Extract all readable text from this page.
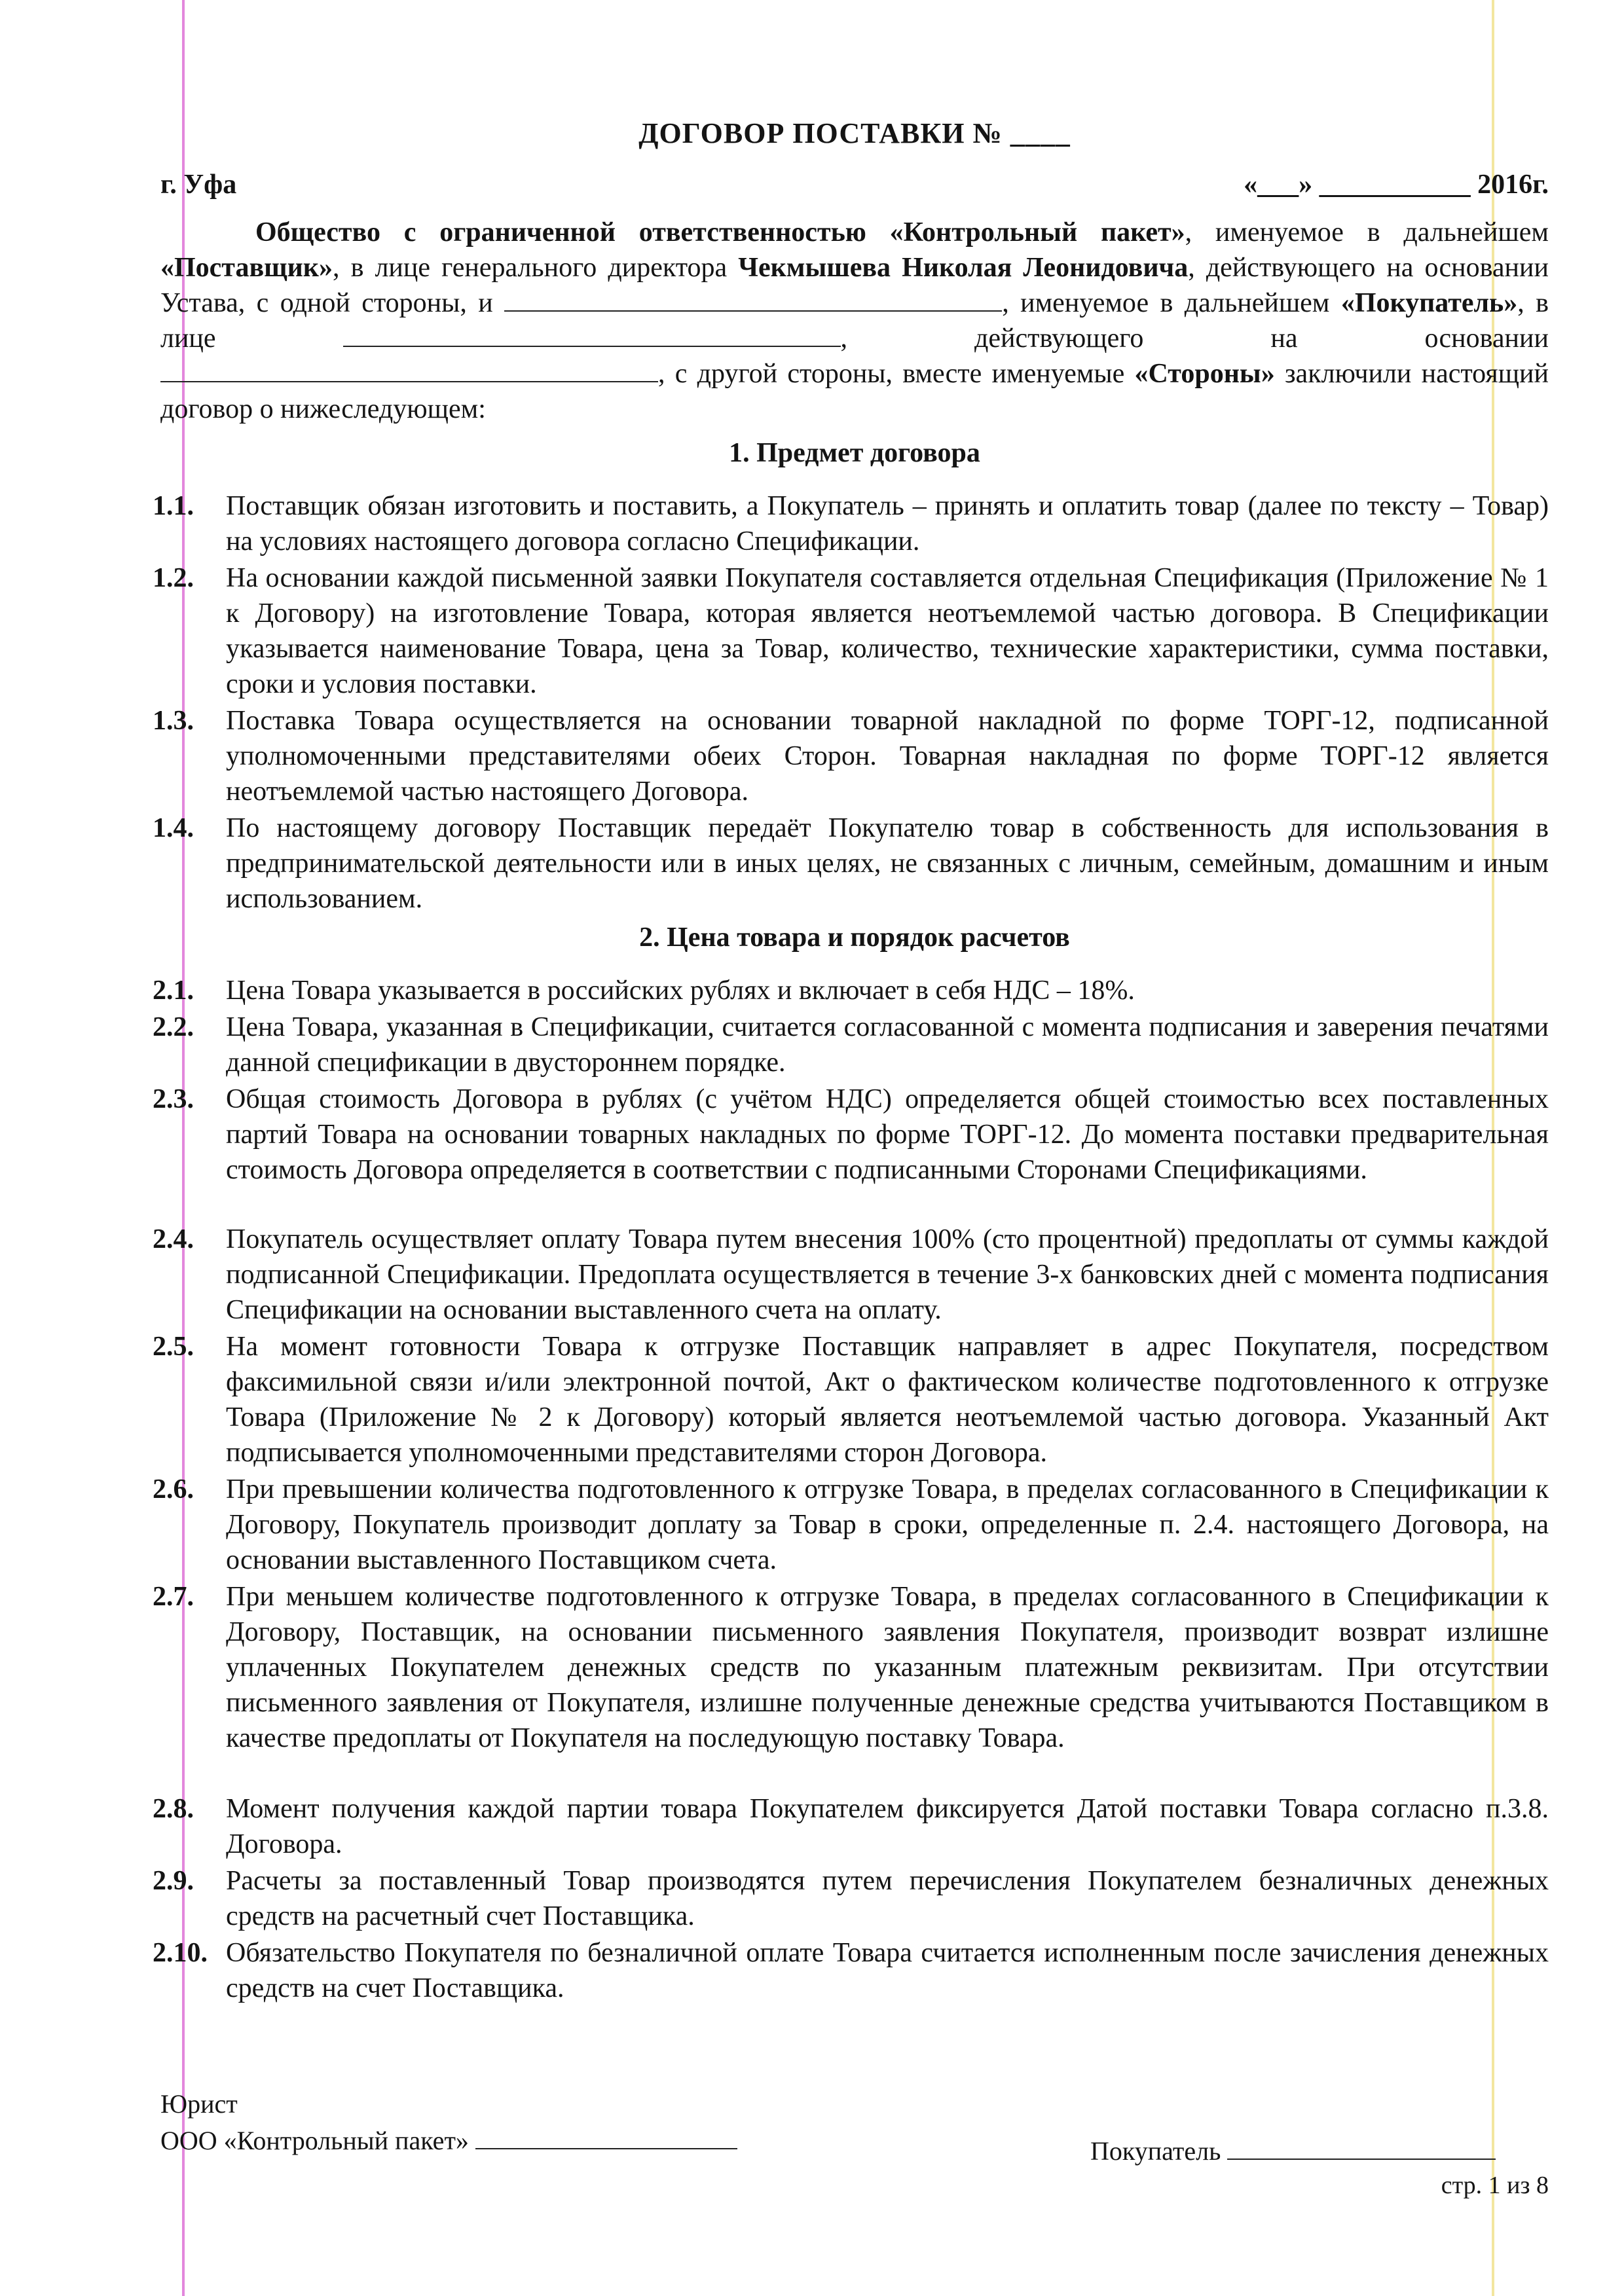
ДОГОВОР ПОСТАВКИ № ____
г. Уфа	«___» ___________ 2016г.
Общество с ограниченной ответственностью «Контрольный пакет», именуемое в дальнейшем «Поставщик», в лице генерального директора Чекмышева Николая Леонидовича, действующего на основании Устава, с одной стороны, и	, именуемое в дальнейшем «Покупатель», в лице	, действующего на основании , с другой стороны, вместе именуемые «Стороны» заключили настоящий договор о нижеследующем:
1. Предмет договора
1.1.	Поставщик обязан изготовить и поставить, а Покупатель – принять и оплатить товар (далее по тексту – Товар) на условиях настоящего договора согласно Спецификации.
1.2.	На основании каждой письменной заявки Покупателя составляется отдельная Спецификация (Приложение № 1 к Договору) на изготовление Товара, которая является неотъемлемой частью договора. В Спецификации указывается наименование Товара, цена за Товар, количество, технические характеристики, сумма поставки, сроки и условия поставки.
1.3.	Поставка Товара осуществляется на основании товарной накладной по форме ТОРГ-12, подписанной уполномоченными представителями обеих Сторон. Товарная накладная по форме ТОРГ-12 является неотъемлемой частью настоящего Договора.
1.4.	По настоящему договору Поставщик передаёт Покупателю товар в собственность для использования в предпринимательской деятельности или в иных целях, не связанных с личным, семейным, домашним и иным использованием.
2. Цена товара и порядок расчетов
2.1.	Цена Товара указывается в российских рублях и включает в себя НДС – 18%.
2.2.	Цена Товара, указанная в Спецификации, считается согласованной с момента подписания и заверения печатями данной спецификации в двустороннем порядке.
2.3.	Общая стоимость Договора в рублях (с учётом НДС) определяется общей стоимостью всех поставленных партий Товара на основании товарных накладных по форме ТОРГ-12. До момента поставки предварительная стоимость Договора определяется в соответствии с подписанными Сторонами Спецификациями.
2.4.	Покупатель осуществляет оплату Товара путем внесения 100% (сто процентной) предоплаты от суммы каждой подписанной Спецификации. Предоплата осуществляется в течение 3-х банковских дней с момента подписания Спецификации на основании выставленного счета на оплату.
2.5.	На момент готовности Товара к отгрузке Поставщик направляет в адрес Покупателя, посредством факсимильной связи и/или электронной почтой, Акт о фактическом количестве подготовленного к отгрузке Товара (Приложение № 2 к Договору) который является неотъемлемой частью договора. Указанный Акт подписывается уполномоченными представителями сторон Договора.
2.6.	При превышении количества подготовленного к отгрузке Товара, в пределах согласованного в Спецификации к Договору, Покупатель производит доплату за Товар в сроки, определенные п. 2.4. настоящего Договора, на основании выставленного Поставщиком счета.
2.7.	При меньшем количестве подготовленного к отгрузке Товара, в пределах согласованного в Спецификации к Договору, Поставщик, на основании письменного заявления Покупателя, производит возврат излишне уплаченных Покупателем денежных средств по указанным платежным реквизитам. При отсутствии письменного заявления от Покупателя, излишне полученные денежные средства учитываются Поставщиком в качестве предоплаты от Покупателя на последующую поставку Товара.
2.8.	Момент получения каждой партии товара Покупателем фиксируется Датой поставки Товара согласно п.3.8. Договора.
2.9.	Расчеты за поставленный Товар производятся путем перечисления Покупателем безналичных денежных средств на расчетный счет Поставщика.
2.10. Обязательство Покупателя по безналичной оплате Товара считается исполненным после зачисления денежных средств на счет Поставщика.
Юрист
ООО «Контрольный пакет»	Покупатель
стр. 1 из 8
